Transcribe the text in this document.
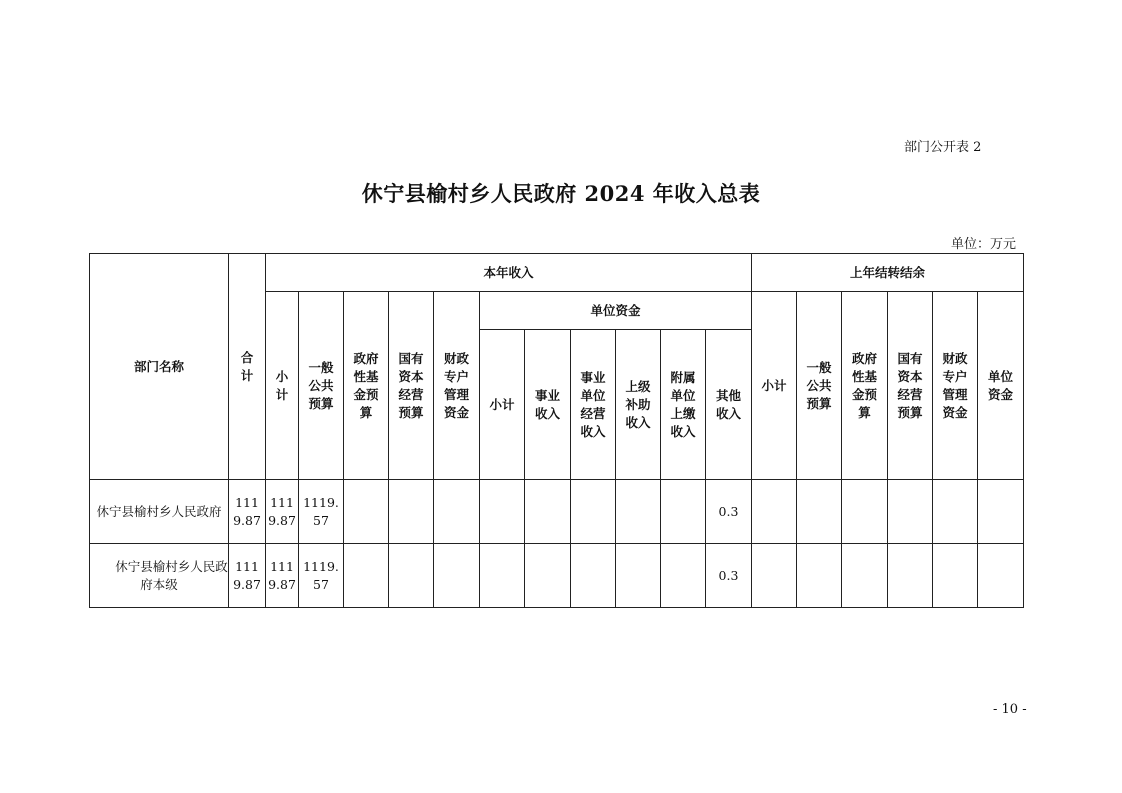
部门公开表 2
休宁县榆村乡人民政府 2024 年收入总表
单位：万元
部门名称	合计	本年收入											上年结转结余					

		小计	一般公共预算	政府性基金预算	国有资本经营预算	财政专户管理资金	单位资金						小计	一般公共预算	政府性基金预算	国有资本经营预算	财政专户管理资金	单位资金

							小计	事业收入	事业单位经营收入	上级补助收入	附属单位上缴收入	其他收入						

休宁县榆村乡人民政府	1119.87	1119.87	1119.57									0.3						
休宁县榆村乡人民政府本级	1119.87	1119.87	1119.57									0.3						
- 10 -
